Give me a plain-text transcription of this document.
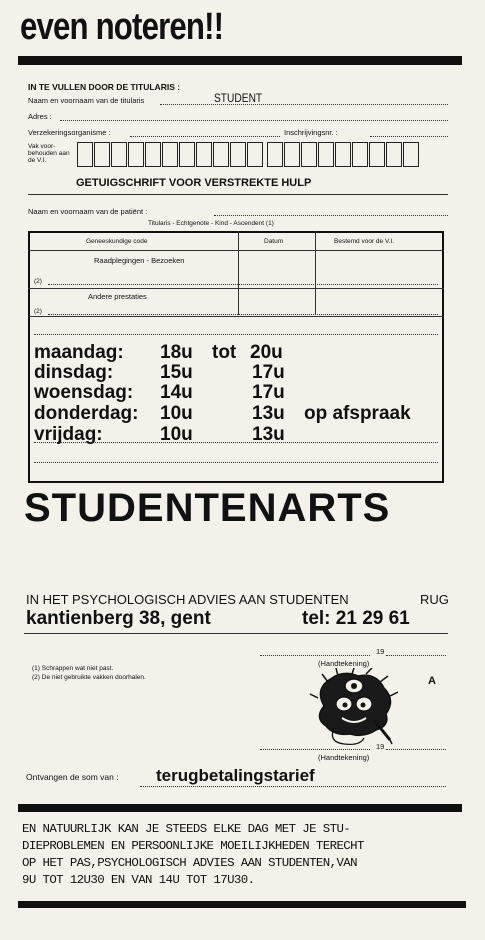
even noteren!!
IN TE VULLEN DOOR DE TITULARIS :
Naam en voornaam van de titularis	STUDENT
Adres :
Verzekeringsorganisme :	Inschrijvingsnr. :
Vak voor-behouden aan de V.I.
GETUIGSCHRIFT VOOR VERSTREKTE HULP
Naam en voornaam van de patiënt :
Titularis - Echtgenote - Kind - Ascendent (1)
Geneeskundige code	Datum	Bestemd voor de V.I.
Raadplegingen - Bezoeken
(2)
Andere prestaties
(2)
maandag: 18u tot 20u
dinsdag: 15u	17u
woensdag: 14u	17u
donderdag: 10u	13u op afspraak
vrijdag:	10u	13u
STUDENTENARTS
IN HET PSYCHOLOGISCH ADVIES AAN STUDENTEN	RUG
kantienberg 38, gent	tel: 21 29 61
19
(Handtekening)
(1) Schrappen wat niet past.
(2) De niet gebruikte vakken doorhalen.	A
19
(Handtekening)
Ontvangen de som van : terugbetalingstarief
EN NATUURLIJK KAN JE STEEDS ELKE DAG MET JE STU-
DIEPROBLEMEN EN PERSOONLIJKE MOEILIJKHEDEN TERECHT
OP HET PAS,PSYCHOLOGISCH ADVIES AAN STUDENTEN,VAN
9U TOT 12U30 EN VAN 14U TOT 17U30.
